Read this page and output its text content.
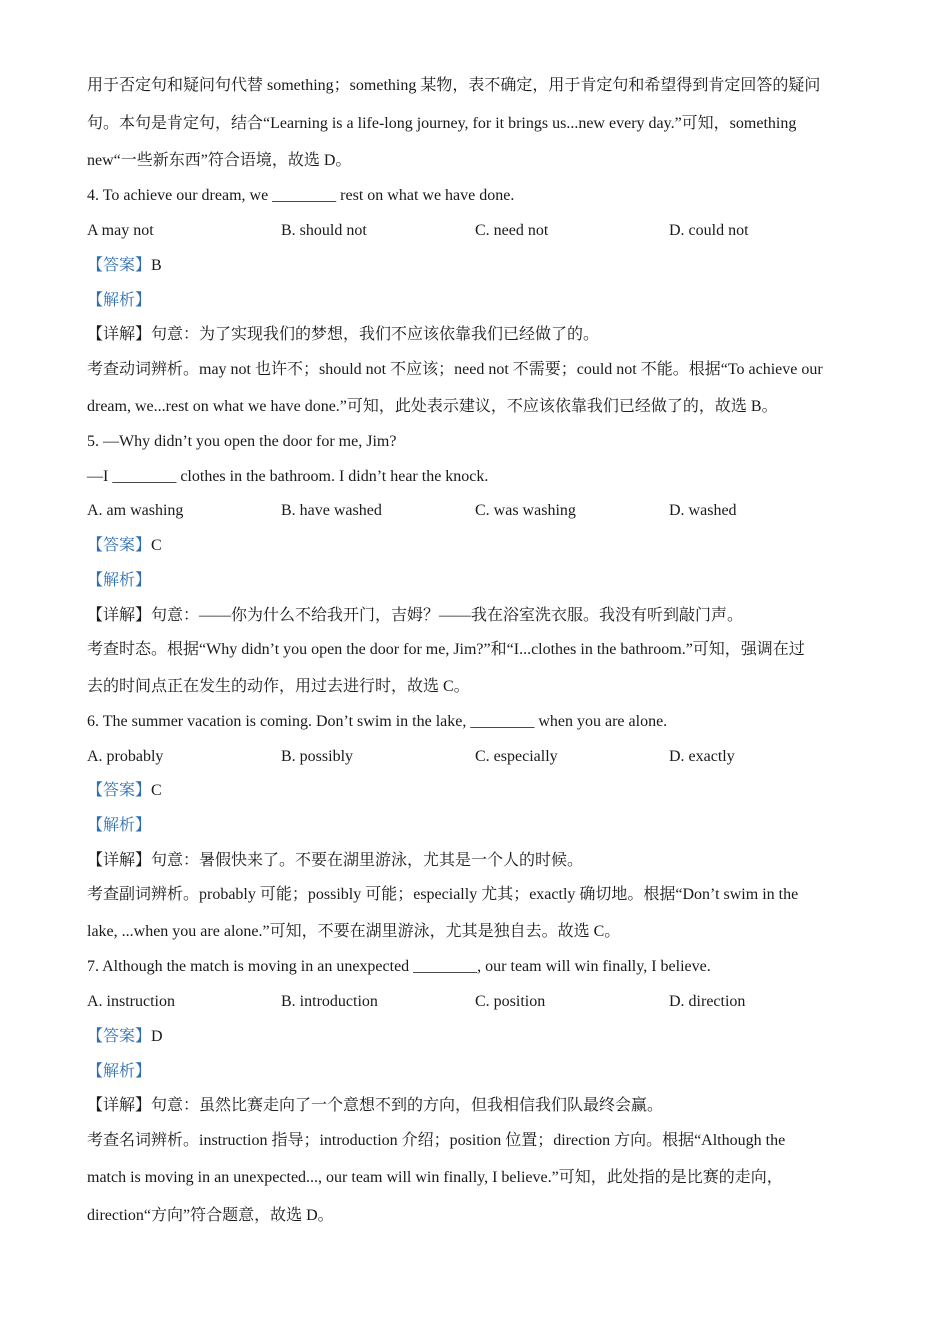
用于否定句和疑问句代替 something；something 某物，表不确定，用于肯定句和希望得到肯定回答的疑问
句。本句是肯定句，结合“Learning is a life-long journey, for it brings us...new every day.”可知，something
new“一些新东西”符合语境，故选 D。
4. To achieve our dream, we ________ rest on what we have done.
A may not	B. should not	C. need not	D. could not
【答案】B
【解析】
【详解】句意：为了实现我们的梦想，我们不应该依靠我们已经做了的。
考查动词辨析。may not 也许不；should not 不应该；need not 不需要；could not 不能。根据“To achieve our
dream, we...rest on what we have done.”可知，此处表示建议，不应该依靠我们已经做了的，故选 B。
5. —Why didn’t you open the door for me, Jim?
—I ________ clothes in the bathroom. I didn’t hear the knock.
A. am washing	B. have washed	C. was washing	D. washed
【答案】C
【解析】
【详解】句意：——你为什么不给我开门，吉姆？——我在浴室洗衣服。我没有听到敲门声。
考查时态。根据“Why didn’t you open the door for me, Jim?”和“I...clothes in the bathroom.”可知，强调在过
去的时间点正在发生的动作，用过去进行时，故选 C。
6. The summer vacation is coming. Don’t swim in the lake, ________ when you are alone.
A. probably	B. possibly	C. especially	D. exactly
【答案】C
【解析】
【详解】句意：暑假快来了。不要在湖里游泳，尤其是一个人的时候。
考查副词辨析。probably 可能；possibly 可能；especially 尤其；exactly 确切地。根据“Don’t swim in the
lake, ...when you are alone.”可知，不要在湖里游泳，尤其是独自去。故选 C。
7. Although the match is moving in an unexpected ________, our team will win finally, I believe.
A. instruction	B. introduction	C. position	D. direction
【答案】D
【解析】
【详解】句意：虽然比赛走向了一个意想不到的方向，但我相信我们队最终会赢。
考查名词辨析。instruction 指导；introduction 介绍；position 位置；direction 方向。根据“Although the
match is moving in an unexpected..., our team will win finally, I believe.”可知，此处指的是比赛的走向，
direction“方向”符合题意，故选 D。
